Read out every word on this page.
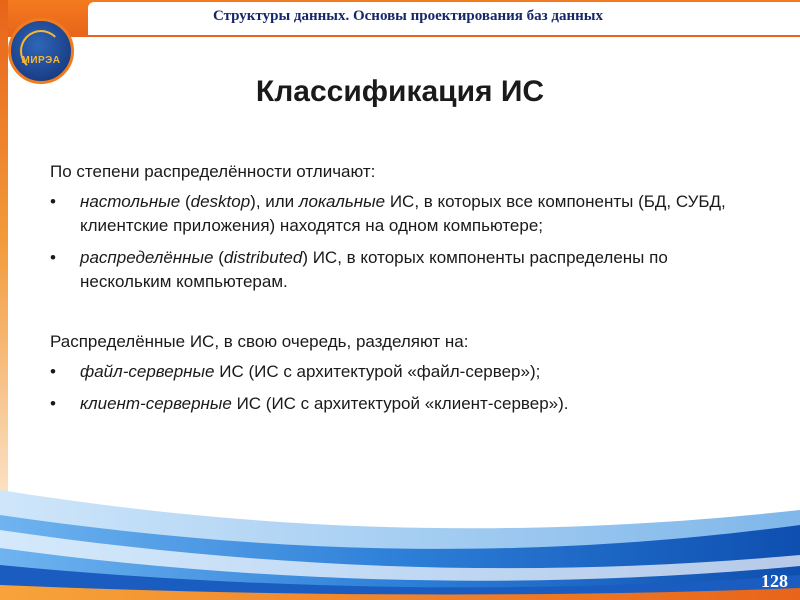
Структуры данных. Основы проектирования баз данных
МИРЭА
Классификация ИС

По степени распределённости отличают:

• настольные (desktop), или локальные ИС, в которых все компоненты (БД, СУБД, клиентские приложения) находятся на одном компьютере;
• распределённые (distributed) ИС, в которых компоненты распределены по нескольким компьютерам.

Распределённые ИС, в свою очередь, разделяют на:

• файл-серверные ИС (ИС с архитектурой «файл-сервер»);
• клиент-серверные ИС (ИС с архитектурой «клиент-сервер»).
128
